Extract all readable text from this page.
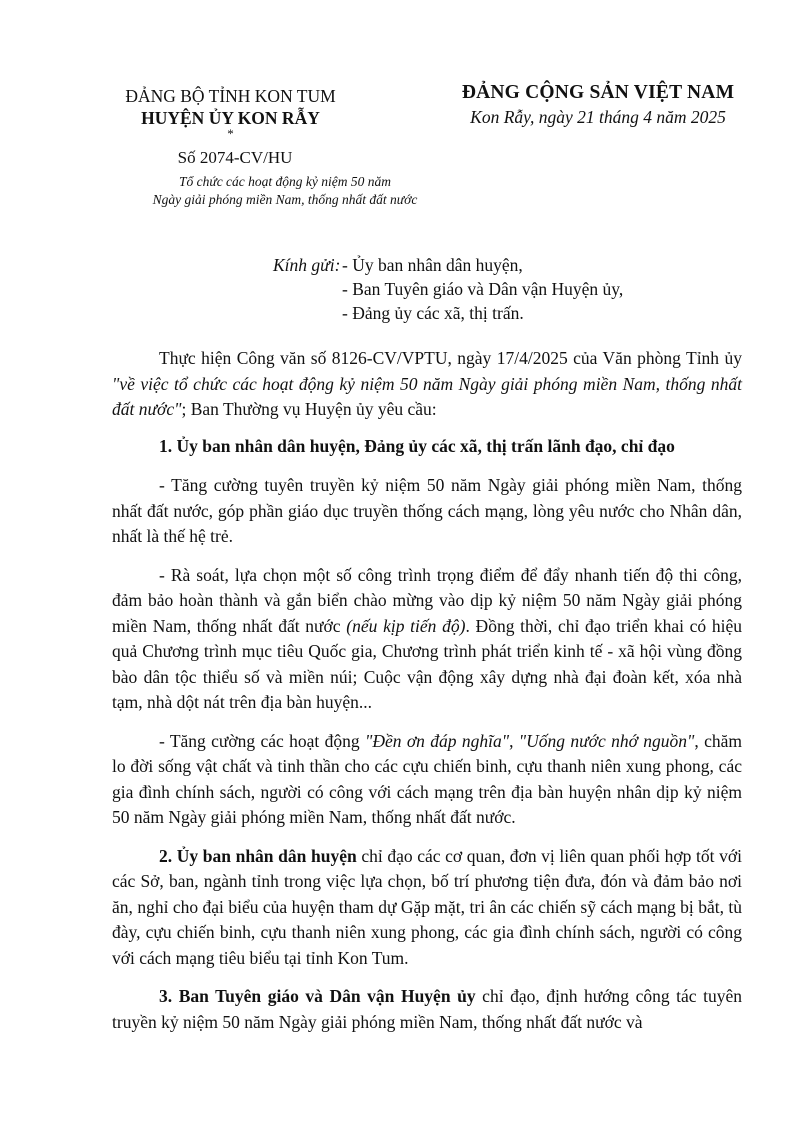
ĐẢNG BỘ TỈNH KON TUM
HUYỆN ỦY KON RẪY
*
ĐẢNG CỘNG SẢN VIỆT NAM
Kon Rẫy, ngày 21 tháng 4 năm 2025
Số 2074-CV/HU
Tổ chức các hoạt động kỷ niệm 50 năm
Ngày giải phóng miền Nam, thống nhất đất nước
Kính gửi: - Ủy ban nhân dân huyện,
- Ban Tuyên giáo và Dân vận Huyện ủy,
- Đảng ủy các xã, thị trấn.

Thực hiện Công văn số 8126-CV/VPTU, ngày 17/4/2025 của Văn phòng Tỉnh ủy "về việc tổ chức các hoạt động kỷ niệm 50 năm Ngày giải phóng miền Nam, thống nhất đất nước"; Ban Thường vụ Huyện ủy yêu cầu:

1. Ủy ban nhân dân huyện, Đảng ủy các xã, thị trấn lãnh đạo, chỉ đạo

- Tăng cường tuyên truyền kỷ niệm 50 năm Ngày giải phóng miền Nam, thống nhất đất nước, góp phần giáo dục truyền thống cách mạng, lòng yêu nước cho Nhân dân, nhất là thế hệ trẻ.

- Rà soát, lựa chọn một số công trình trọng điểm để đẩy nhanh tiến độ thi công, đảm bảo hoàn thành và gắn biển chào mừng vào dịp kỷ niệm 50 năm Ngày giải phóng miền Nam, thống nhất đất nước (nếu kịp tiến độ). Đồng thời, chỉ đạo triển khai có hiệu quả Chương trình mục tiêu Quốc gia, Chương trình phát triển kinh tế - xã hội vùng đồng bào dân tộc thiểu số và miền núi; Cuộc vận động xây dựng nhà đại đoàn kết, xóa nhà tạm, nhà dột nát trên địa bàn huyện...

- Tăng cường các hoạt động "Đền ơn đáp nghĩa", "Uống nước nhớ nguồn", chăm lo đời sống vật chất và tinh thần cho các cựu chiến binh, cựu thanh niên xung phong, các gia đình chính sách, người có công với cách mạng trên địa bàn huyện nhân dịp kỷ niệm 50 năm Ngày giải phóng miền Nam, thống nhất đất nước.

2. Ủy ban nhân dân huyện chỉ đạo các cơ quan, đơn vị liên quan phối hợp tốt với các Sở, ban, ngành tỉnh trong việc lựa chọn, bố trí phương tiện đưa, đón và đảm bảo nơi ăn, nghỉ cho đại biểu của huyện tham dự Gặp mặt, tri ân các chiến sỹ cách mạng bị bắt, tù đày, cựu chiến binh, cựu thanh niên xung phong, các gia đình chính sách, người có công với cách mạng tiêu biểu tại tỉnh Kon Tum.

3. Ban Tuyên giáo và Dân vận Huyện ủy chỉ đạo, định hướng công tác tuyên truyền kỷ niệm 50 năm Ngày giải phóng miền Nam, thống nhất đất nước và
